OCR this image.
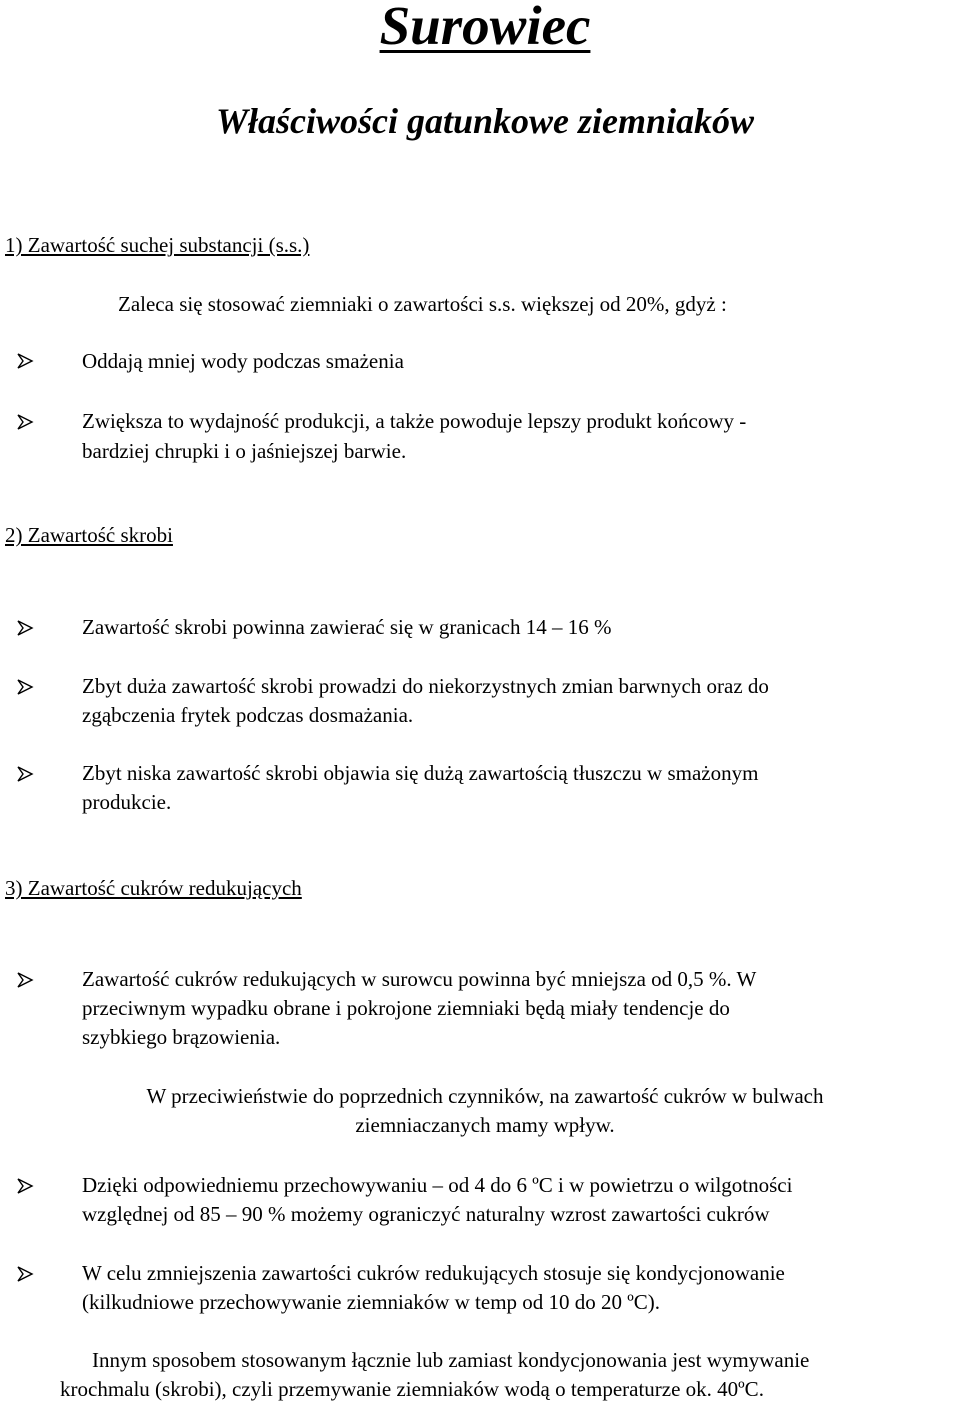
Surowiec
Właściwości gatunkowe ziemniaków
1) Zawartość suchej substancji (s.s.)
Zaleca się stosować ziemniaki o zawartości s.s. większej od 20%, gdyż :
Oddają mniej wody podczas smażenia
Zwiększa to wydajność produkcji, a także powoduje lepszy produkt końcowy -
bardziej chrupki i o jaśniejszej barwie.
2) Zawartość skrobi
Zawartość skrobi powinna zawierać się w granicach 14 – 16 %
Zbyt duża zawartość skrobi prowadzi do niekorzystnych zmian barwnych oraz do
zgąbczenia frytek podczas dosmażania.
Zbyt niska zawartość skrobi objawia się dużą zawartością tłuszczu w smażonym
produkcie.
3) Zawartość cukrów redukujących
Zawartość cukrów redukujących w surowcu powinna być mniejsza od 0,5 %. W
przeciwnym wypadku obrane i pokrojone ziemniaki będą miały tendencje do
szybkiego brązowienia.
W przeciwieństwie do poprzednich czynników, na zawartość cukrów w bulwach
ziemniaczanych mamy wpływ.
Dzięki odpowiedniemu przechowywaniu – od 4 do 6 ºC i w powietrzu o wilgotności
względnej od 85 – 90 % możemy ograniczyć naturalny wzrost zawartości cukrów
W celu zmniejszenia zawartości cukrów redukujących stosuje się kondycjonowanie
(kilkudniowe przechowywanie ziemniaków w temp od 10 do 20 ºC).
Innym sposobem stosowanym łącznie lub zamiast kondycjonowania jest wymywanie
krochmalu (skrobi), czyli przemywanie ziemniaków wodą o temperaturze ok. 40ºC.
